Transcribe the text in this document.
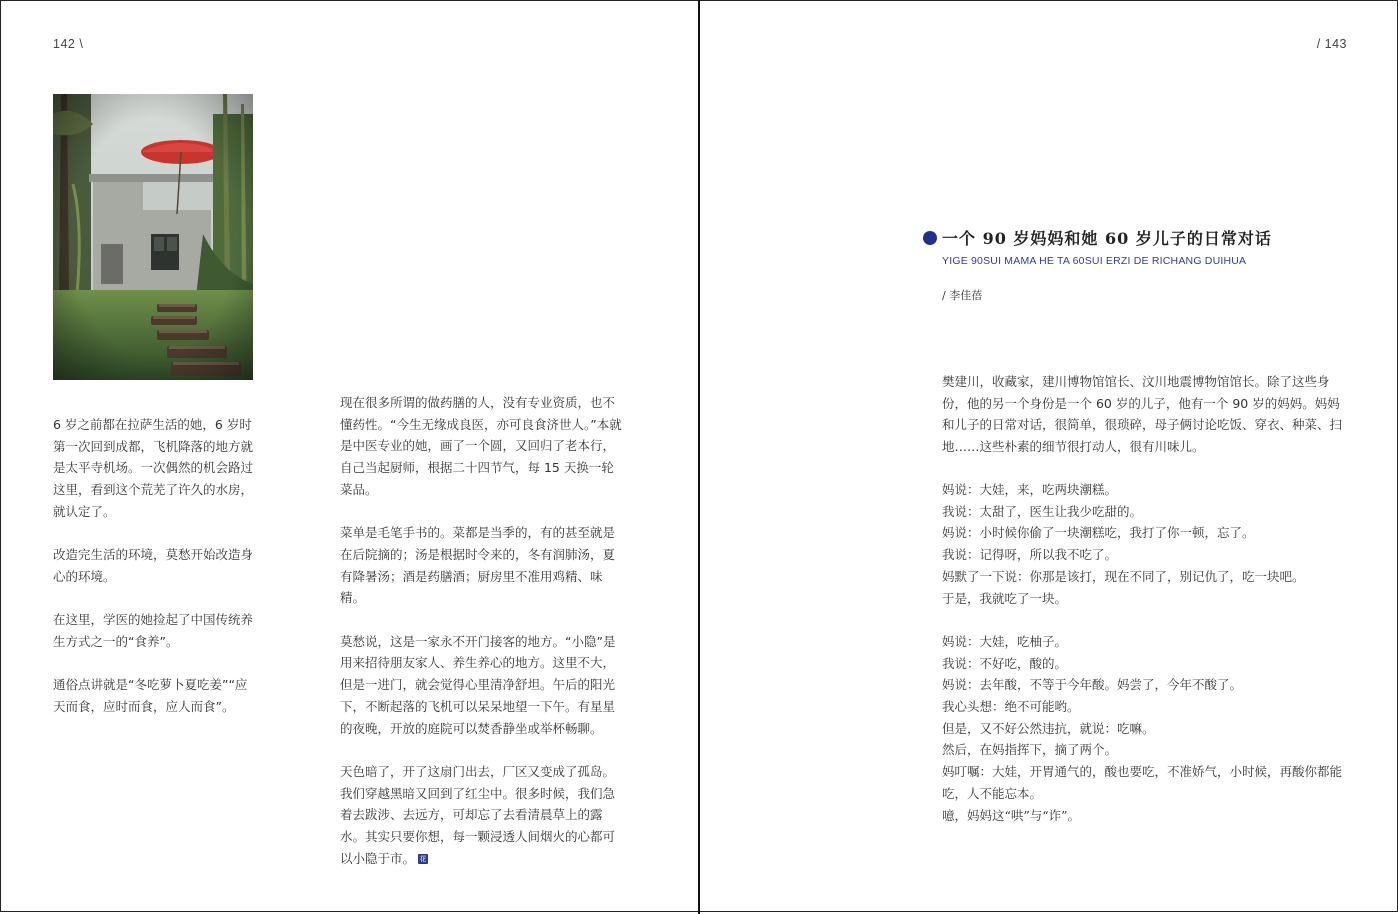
142 \

6 岁之前都在拉萨生活的她，6 岁时第一次回到成都，飞机降落的地方就是太平寺机场。一次偶然的机会路过这里，看到这个荒芜了许久的水房，就认定了。

改造完生活的环境，莫愁开始改造身心的环境。

在这里，学医的她捡起了中国传统养生方式之一的“食养”。

通俗点讲就是“冬吃萝卜夏吃姜”“应天而食，应时而食，应人而食”。

现在很多所谓的做药膳的人，没有专业资质，也不懂药性。“今生无缘成良医，亦可良食济世人。”本就是中医专业的她，画了一个圆，又回归了老本行，自己当起厨师，根据二十四节气，每 15 天换一轮菜品。

菜单是毛笔手书的。菜都是当季的，有的甚至就是在后院摘的；汤是根据时令来的，冬有润肺汤，夏有降暑汤；酒是药膳酒；厨房里不准用鸡精、味精。

莫愁说，这是一家永不开门接客的地方。“小隐”是用来招待朋友家人、养生养心的地方。这里不大，但是一进门，就会觉得心里清净舒坦。午后的阳光下，不断起落的飞机可以呆呆地望一下午。有星星的夜晚，开放的庭院可以焚香静坐或举杯畅聊。

天色暗了，开了这扇门出去，厂区又变成了孤岛。我们穿越黑暗又回到了红尘中。很多时候，我们急着去跋涉、去远方，可却忘了去看清晨草上的露水。其实只要你想，每一颗浸透人间烟火的心都可以小隐于市。 花

/ 143
一个 90 岁妈妈和她 60 岁儿子的日常对话
YIGE 90SUI MAMA HE TA 60SUI ERZI DE RICHANG DUIHUA
/ 李佳蓓

樊建川，收藏家，建川博物馆馆长、汶川地震博物馆馆长。除了这些身份，他的另一个身份是一个 60 岁的儿子，他有一个 90 岁的妈妈。妈妈和儿子的日常对话，很简单，很琐碎，母子俩讨论吃饭、穿衣、种菜、扫地……这些朴素的细节很打动人，很有川味儿。

妈说：大娃，来，吃两块潮糕。
我说：太甜了，医生让我少吃甜的。
妈说：小时候你偷了一块潮糕吃，我打了你一顿，忘了。
我说：记得呀，所以我不吃了。
妈默了一下说：你那是该打，现在不同了，别记仇了，吃一块吧。
于是，我就吃了一块。
妈说：大娃，吃柚子。
我说：不好吃，酸的。
妈说：去年酸，不等于今年酸。妈尝了，今年不酸了。
我心头想：绝不可能哟。
但是，又不好公然违抗，就说：吃嘛。
然后，在妈指挥下，摘了两个。
妈叮嘱：大娃，开胃通气的，酸也要吃，不准娇气，小时候，再酸你都能
吃，人不能忘本。
噫，妈妈这“哄”与“诈”。
